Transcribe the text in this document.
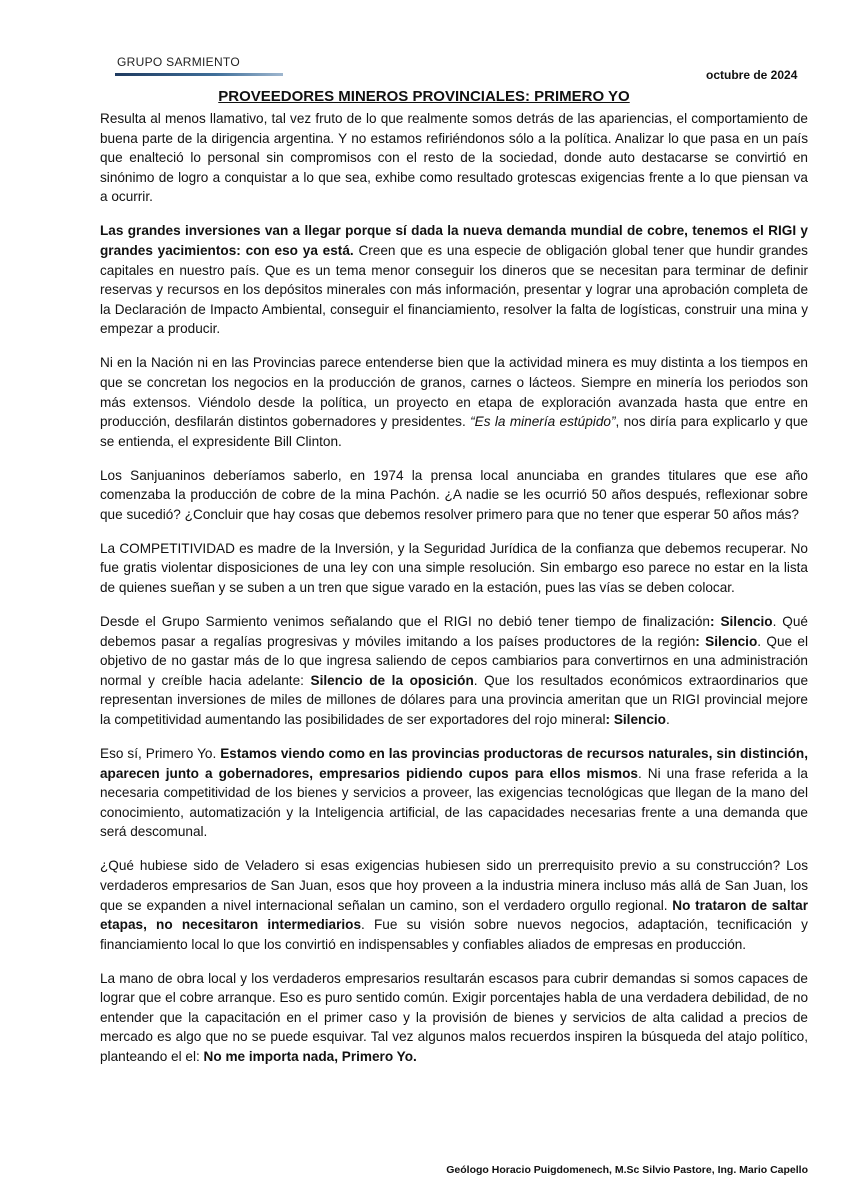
GRUPO SARMIENTO
octubre de 2024
PROVEEDORES MINEROS PROVINCIALES: PRIMERO YO

Resulta al menos llamativo, tal vez fruto de lo que realmente somos detrás de las apariencias, el comportamiento de buena parte de la dirigencia argentina. Y no estamos refiriéndonos sólo a la política. Analizar lo que pasa en un país que enalteció lo personal sin compromisos con el resto de la sociedad, donde auto destacarse se convirtió en sinónimo de logro a conquistar a lo que sea, exhibe como resultado grotescas exigencias frente a lo que piensan va a ocurrir.

Las grandes inversiones van a llegar porque sí dada la nueva demanda mundial de cobre, tenemos el RIGI y grandes yacimientos: con eso ya está. Creen que es una especie de obligación global tener que hundir grandes capitales en nuestro país. Que es un tema menor conseguir los dineros que se necesitan para terminar de definir reservas y recursos en los depósitos minerales con más información, presentar y lograr una aprobación completa de la Declaración de Impacto Ambiental, conseguir el financiamiento, resolver la falta de logísticas, construir una mina y empezar a producir.

Ni en la Nación ni en las Provincias parece entenderse bien que la actividad minera es muy distinta a los tiempos en que se concretan los negocios en la producción de granos, carnes o lácteos. Siempre en minería los periodos son más extensos. Viéndolo desde la política, un proyecto en etapa de exploración avanzada hasta que entre en producción, desfilarán distintos gobernadores y presidentes. “Es la minería estúpido”, nos diría para explicarlo y que se entienda, el expresidente Bill Clinton.

Los Sanjuaninos deberíamos saberlo, en 1974 la prensa local anunciaba en grandes titulares que ese año comenzaba la producción de cobre de la mina Pachón. ¿A nadie se les ocurrió 50 años después, reflexionar sobre que sucedió? ¿Concluir que hay cosas que debemos resolver primero para que no tener que esperar 50 años más?

La COMPETITIVIDAD es madre de la Inversión, y la Seguridad Jurídica de la confianza que debemos recuperar. No fue gratis violentar disposiciones de una ley con una simple resolución. Sin embargo eso parece no estar en la lista de quienes sueñan y se suben a un tren que sigue varado en la estación, pues las vías se deben colocar.

Desde el Grupo Sarmiento venimos señalando que el RIGI no debió tener tiempo de finalización: Silencio. Qué debemos pasar a regalías progresivas y móviles imitando a los países productores de la región: Silencio. Que el objetivo de no gastar más de lo que ingresa saliendo de cepos cambiarios para convertirnos en una administración normal y creíble hacia adelante: Silencio de la oposición. Que los resultados económicos extraordinarios que representan inversiones de miles de millones de dólares para una provincia ameritan que un RIGI provincial mejore la competitividad aumentando las posibilidades de ser exportadores del rojo mineral: Silencio.

Eso sí, Primero Yo. Estamos viendo como en las provincias productoras de recursos naturales, sin distinción, aparecen junto a gobernadores, empresarios pidiendo cupos para ellos mismos. Ni una frase referida a la necesaria competitividad de los bienes y servicios a proveer, las exigencias tecnológicas que llegan de la mano del conocimiento, automatización y la Inteligencia artificial, de las capacidades necesarias frente a una demanda que será descomunal.

¿Qué hubiese sido de Veladero si esas exigencias hubiesen sido un prerrequisito previo a su construcción? Los verdaderos empresarios de San Juan, esos que hoy proveen a la industria minera incluso más allá de San Juan, los que se expanden a nivel internacional señalan un camino, son el verdadero orgullo regional. No trataron de saltar etapas, no necesitaron intermediarios. Fue su visión sobre nuevos negocios, adaptación, tecnificación y financiamiento local lo que los convirtió en indispensables y confiables aliados de empresas en producción.

La mano de obra local y los verdaderos empresarios resultarán escasos para cubrir demandas si somos capaces de lograr que el cobre arranque. Eso es puro sentido común. Exigir porcentajes habla de una verdadera debilidad, de no entender que la capacitación en el primer caso y la provisión de bienes y servicios de alta calidad a precios de mercado es algo que no se puede esquivar. Tal vez algunos malos recuerdos inspiren la búsqueda del atajo político, planteando el el: No me importa nada, Primero Yo.

Geólogo Horacio Puigdomenech, M.Sc Silvio Pastore, Ing. Mario Capello
